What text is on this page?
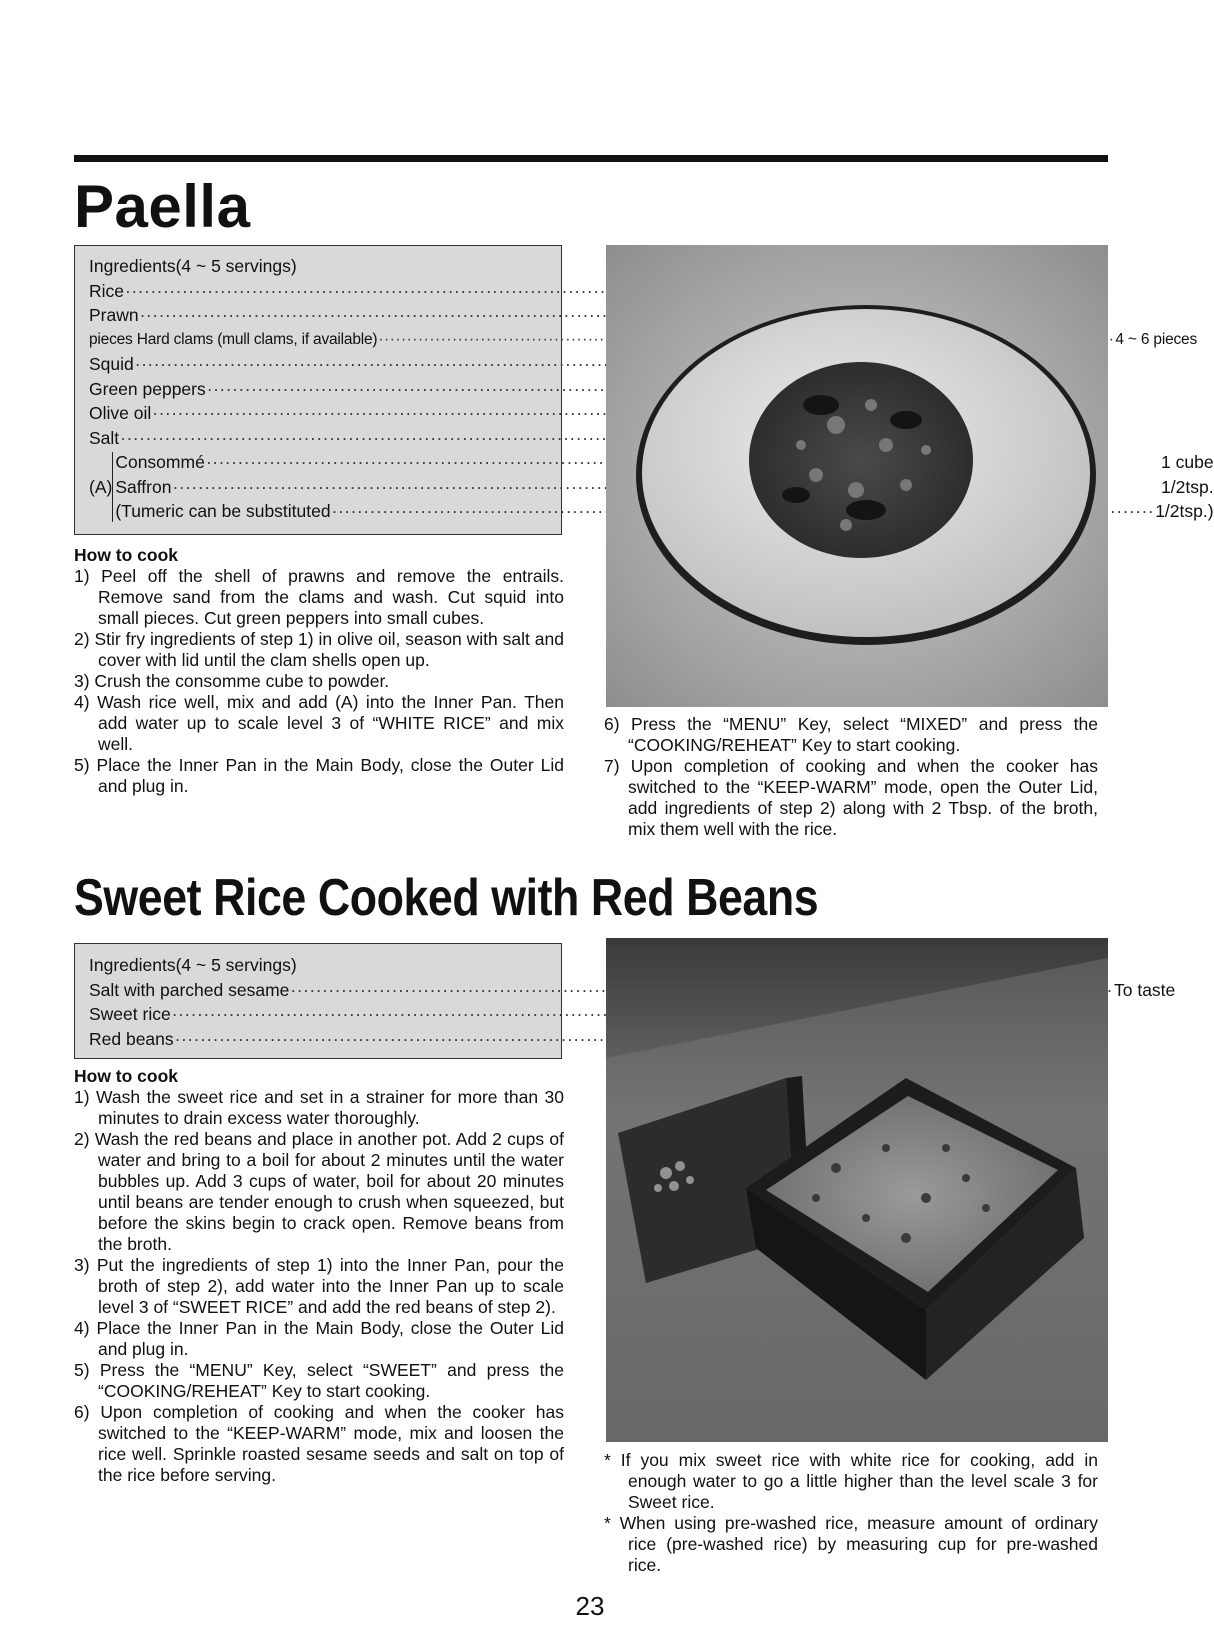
Paella
Ingredients(4 ~ 5 servings)
Rice
·····
Prawn
·····
pieces Hard clams (mull clams, if available) ·····	4 ~ 6 pieces
Squid
·····
Green peppers
·····
Olive oil
·····
Salt
·····
(A)
Consommé ·····	1 cube
Saffron ·····	1/2tsp.
(Tumeric can be substituted ·····	1/2tsp.)
How to cook
1) Peel off the shell of prawns and remove the entrails. Remove sand from the clams and wash. Cut squid into small pieces. Cut green peppers into small cubes.
2) Stir fry ingredients of step 1) in olive oil, season with salt and cover with lid until the clam shells open up.
3) Crush the consomme cube to powder.
4) Wash rice well, mix and add (A) into the Inner Pan. Then add water up to scale level 3 of “WHITE RICE” and mix well.
5) Place the Inner Pan in the Main Body, close the Outer Lid and plug in.
6) Press the “MENU” Key, select “MIXED” and press the “COOKING/REHEAT” Key to start cooking.
7) Upon completion of cooking and when the cooker has switched to the “KEEP-WARM” mode, open the Outer Lid, add ingredients of step 2) along with 2 Tbsp. of the broth, mix them well with the rice.
Sweet Rice Cooked with Red Beans
Ingredients(4 ~ 5 servings)
Salt with parched sesame ·····	To taste
Sweet rice
·····
Red beans
·····
How to cook
1) Wash the sweet rice and set in a strainer for more than 30 minutes to drain excess water thoroughly.
2) Wash the red beans and place in another pot. Add 2 cups of water and bring to a boil for about 2 minutes until the water bubbles up. Add 3 cups of water, boil for about 20 minutes until beans are tender enough to crush when squeezed, but before the skins begin to crack open. Remove beans from the broth.
3) Put the ingredients of step 1) into the Inner Pan, pour the broth of step 2), add water into the Inner Pan up to scale level 3 of “SWEET RICE” and add the red beans of step 2).
4) Place the Inner Pan in the Main Body, close the Outer Lid and plug in.
5) Press the “MENU” Key, select “SWEET” and press the “COOKING/REHEAT” Key to start cooking.
6) Upon completion of cooking and when the cooker has switched to the “KEEP-WARM” mode, mix and loosen the rice well. Sprinkle roasted sesame seeds and salt on top of the rice before serving.
* If you mix sweet rice with white rice for cooking, add in enough water to go a little higher than the level scale 3 for Sweet rice.
* When using pre-washed rice, measure amount of ordinary rice (pre-washed rice) by measuring cup for pre-washed rice.
23
